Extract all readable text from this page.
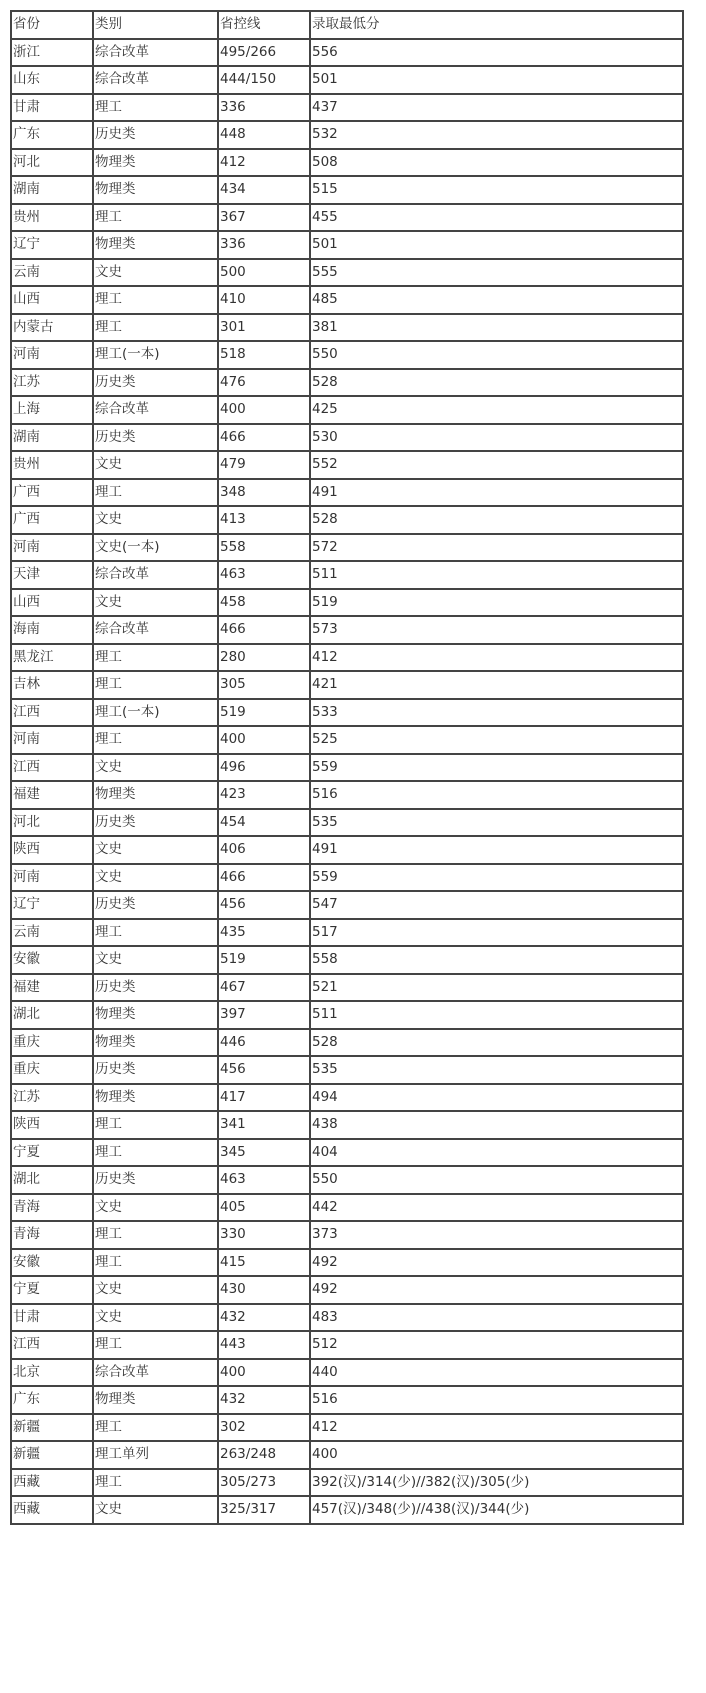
省份	类别	省控线	录取最低分
浙江	综合改革	495/266	556
山东	综合改革	444/150	501
甘肃	理工	336	437
广东	历史类	448	532
河北	物理类	412	508
湖南	物理类	434	515
贵州	理工	367	455
辽宁	物理类	336	501
云南	文史	500	555
山西	理工	410	485
内蒙古	理工	301	381
河南	理工(一本)	518	550
江苏	历史类	476	528
上海	综合改革	400	425
湖南	历史类	466	530
贵州	文史	479	552
广西	理工	348	491
广西	文史	413	528
河南	文史(一本)	558	572
天津	综合改革	463	511
山西	文史	458	519
海南	综合改革	466	573
黑龙江	理工	280	412
吉林	理工	305	421
江西	理工(一本)	519	533
河南	理工	400	525
江西	文史	496	559
福建	物理类	423	516
河北	历史类	454	535
陕西	文史	406	491
河南	文史	466	559
辽宁	历史类	456	547
云南	理工	435	517
安徽	文史	519	558
福建	历史类	467	521
湖北	物理类	397	511
重庆	物理类	446	528
重庆	历史类	456	535
江苏	物理类	417	494
陕西	理工	341	438
宁夏	理工	345	404
湖北	历史类	463	550
青海	文史	405	442
青海	理工	330	373
安徽	理工	415	492
宁夏	文史	430	492
甘肃	文史	432	483
江西	理工	443	512
北京	综合改革	400	440
广东	物理类	432	516
新疆	理工	302	412
新疆	理工单列	263/248	400
西藏	理工	305/273	392(汉)/314(少)//382(汉)/305(少)
西藏	文史	325/317	457(汉)/348(少)//438(汉)/344(少)
